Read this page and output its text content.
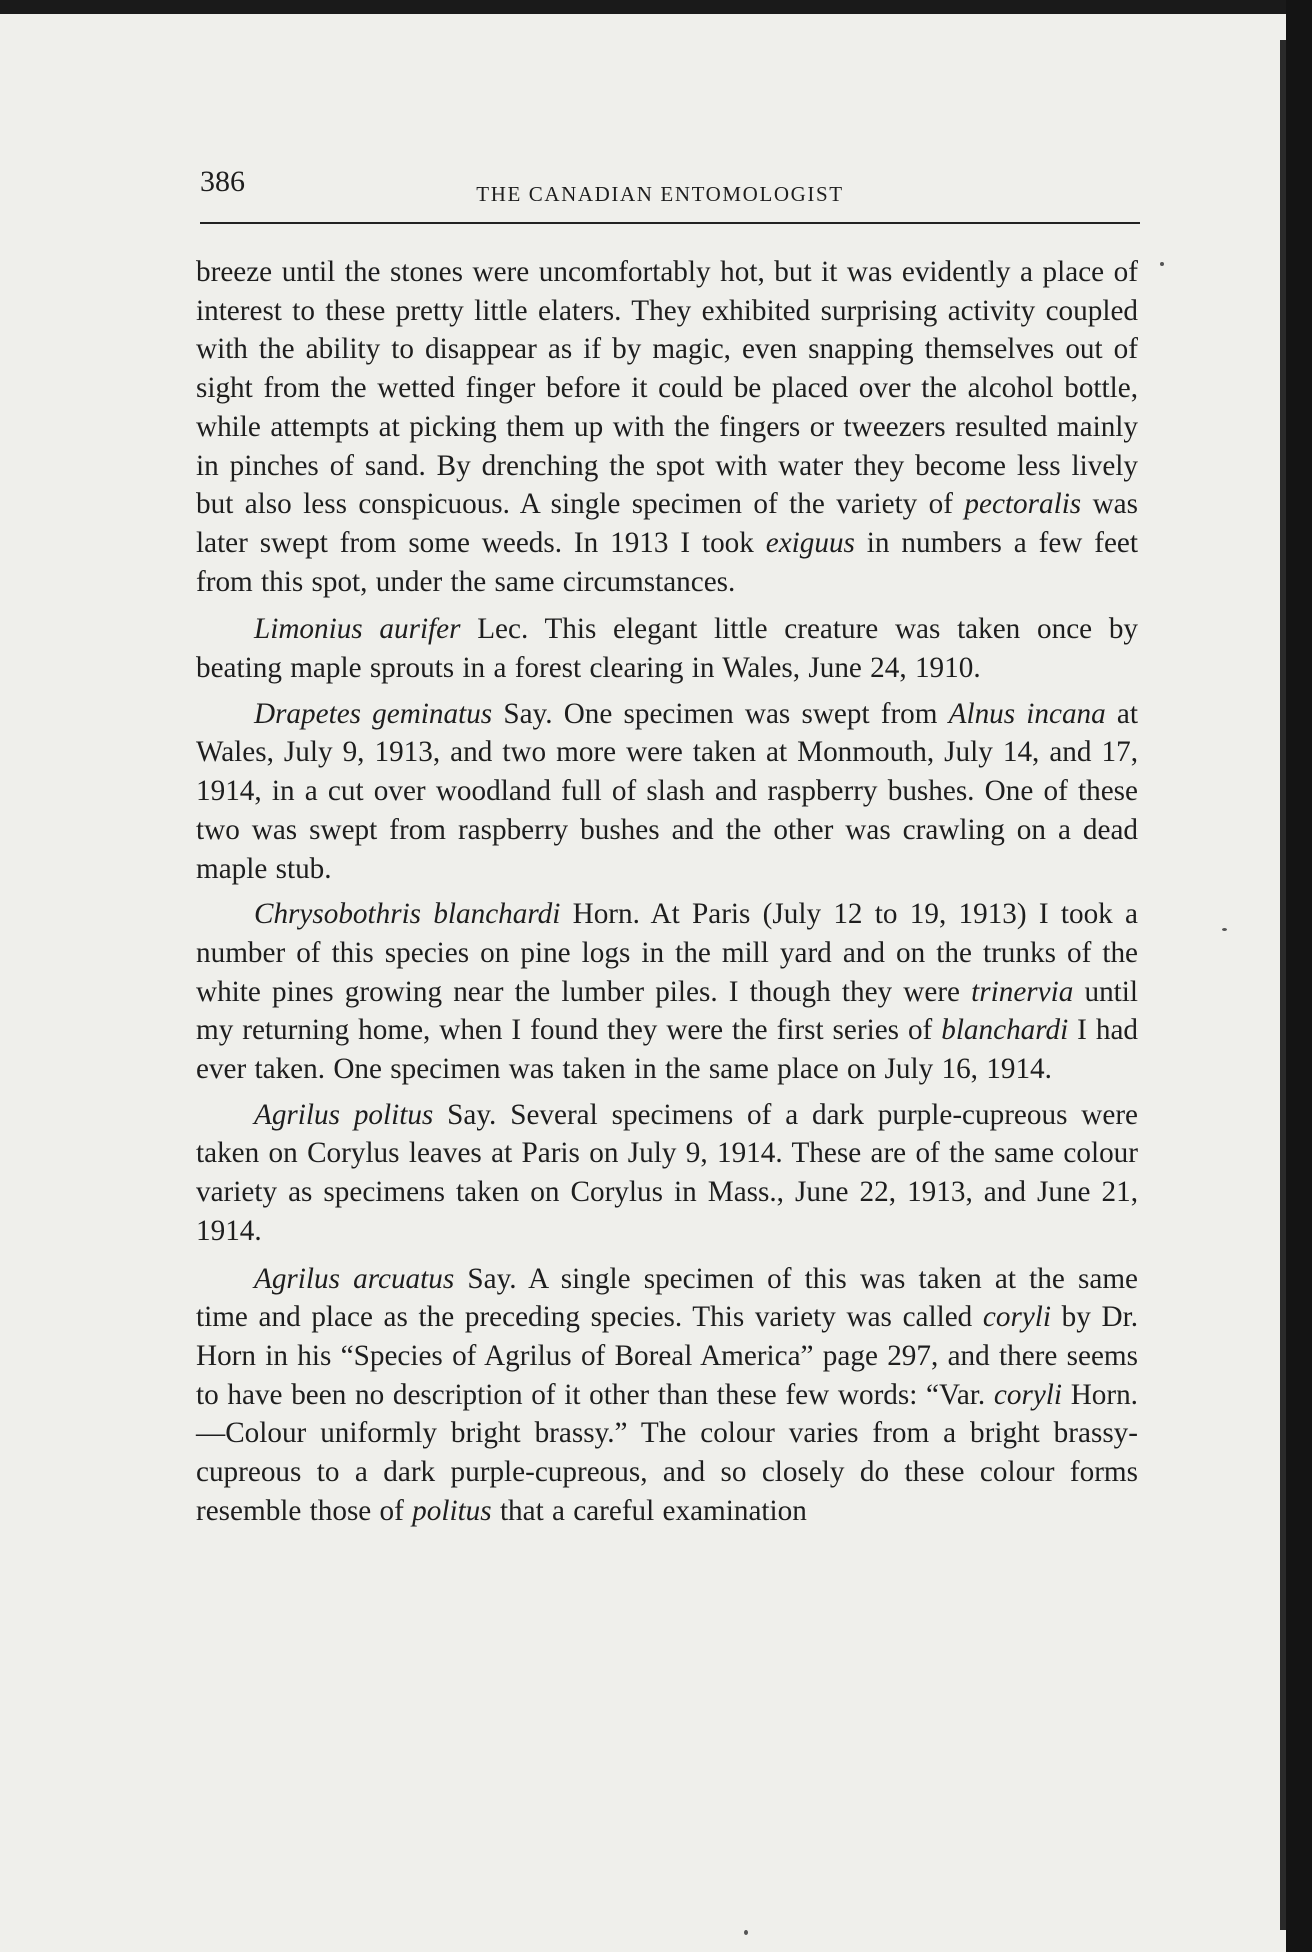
386	THE CANADIAN ENTOMOLOGIST

breeze until the stones were uncomfortably hot, but it was evidently a place of interest to these pretty little elaters. They exhibited surprising activity coupled with the ability to disappear as if by magic, even snapping themselves out of sight from the wetted finger before it could be placed over the alcohol bottle, while attempts at picking them up with the fingers or tweezers resulted mainly in pinches of sand. By drenching the spot with water they become less lively but also less conspicuous. A single specimen of the variety of pectoralis was later swept from some weeds. In 1913 I took exiguus in numbers a few feet from this spot, under the same circumstances.

Limonius aurifer Lec. This elegant little creature was taken once by beating maple sprouts in a forest clearing in Wales, June 24, 1910.

Drapetes geminatus Say. One specimen was swept from Alnus incana at Wales, July 9, 1913, and two more were taken at Monmouth, July 14, and 17, 1914, in a cut over woodland full of slash and raspberry bushes. One of these two was swept from raspberry bushes and the other was crawling on a dead maple stub.

Chrysobothris blanchardi Horn. At Paris (July 12 to 19, 1913) I took a number of this species on pine logs in the mill yard and on the trunks of the white pines growing near the lumber piles. I though they were trinervia until my returning home, when I found they were the first series of blanchardi I had ever taken. One specimen was taken in the same place on July 16, 1914.

Agrilus politus Say. Several specimens of a dark purple-cupreous were taken on Corylus leaves at Paris on July 9, 1914. These are of the same colour variety as specimens taken on Corylus in Mass., June 22, 1913, and June 21, 1914.

Agrilus arcuatus Say. A single specimen of this was taken at the same time and place as the preceding species. This variety was called coryli by Dr. Horn in his “Species of Agrilus of Boreal America” page 297, and there seems to have been no description of it other than these few words: “Var. coryli Horn.—Colour uniformly bright brassy.” The colour varies from a bright brassy-cupreous to a dark purple-cupreous, and so closely do these colour forms resemble those of politus that a careful examination
